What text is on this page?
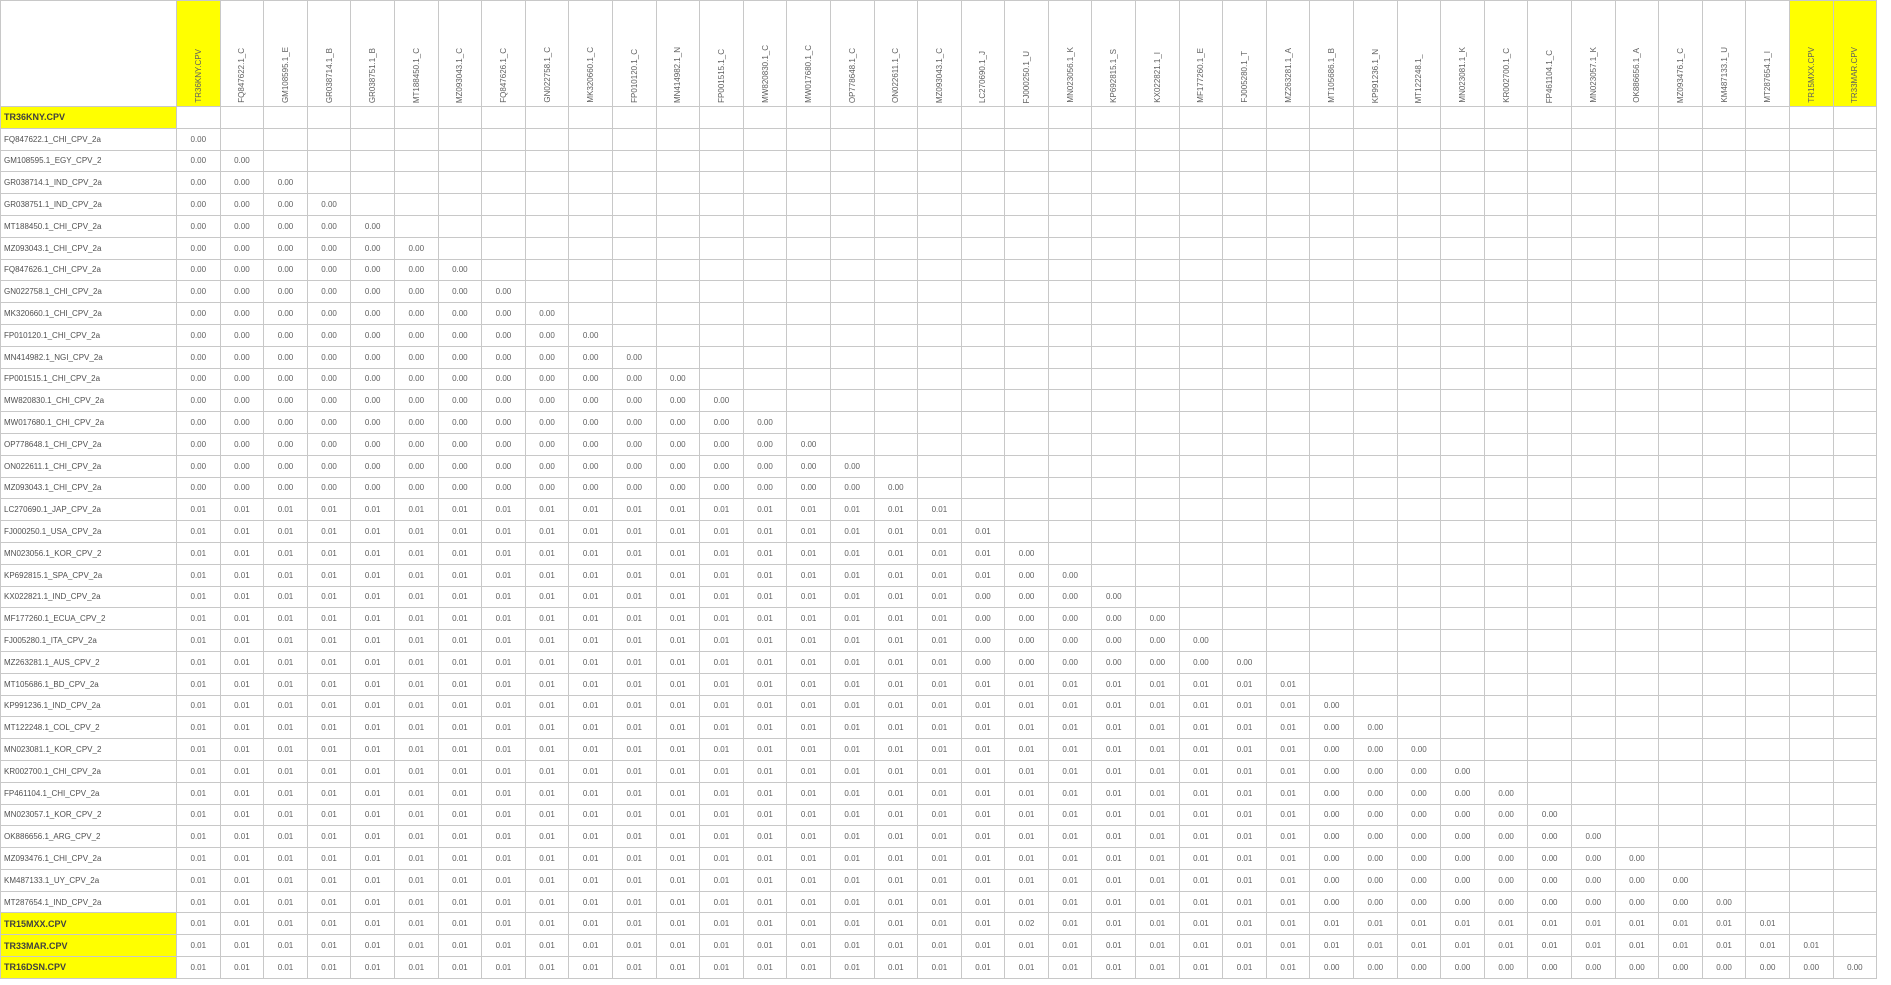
	TR36KNY.CPV	FQ847622.1_C	GM108595.1_E	GR038714.1_B	GR038751.1_B	MT188450.1_C	MZ093043.1_C	FQ847626.1_C	GN022758.1_C	MK320660.1_C	FP010120.1_C	MN414982.1_N	FP001515.1_C	MW820830.1_C	MW017680.1_C	OP778648.1_C	ON022611.1_C	MZ093043.1_C	LC270690.1_J	FJ000250.1_U	MN023056.1_K	KP692815.1_S	KX022821.1_I	MF177260.1_E	FJ005280.1_T	MZ263281.1_A	MT105686.1_B	KP991236.1_N	MT122248.1_	MN023081.1_K	KR002700.1_C	FP461104.1_C	MN023057.1_K	OK886656.1_A	MZ093476.1_C	KM487133.1_U	MT287654.1_I	TR15MXX.CPV	TR33MAR.CPV

TR36KNY.CPV																																							
FQ847622.1_CHI_CPV_2a	0.00																																						
GM108595.1_EGY_CPV_2	0.00	0.00																																					
GR038714.1_IND_CPV_2a	0.00	0.00	0.00																																				
GR038751.1_IND_CPV_2a	0.00	0.00	0.00	0.00																																			
MT188450.1_CHI_CPV_2a	0.00	0.00	0.00	0.00	0.00																																		
MZ093043.1_CHI_CPV_2a	0.00	0.00	0.00	0.00	0.00	0.00																																	
FQ847626.1_CHI_CPV_2a	0.00	0.00	0.00	0.00	0.00	0.00	0.00																																
GN022758.1_CHI_CPV_2a	0.00	0.00	0.00	0.00	0.00	0.00	0.00	0.00																															
MK320660.1_CHI_CPV_2a	0.00	0.00	0.00	0.00	0.00	0.00	0.00	0.00	0.00																														
FP010120.1_CHI_CPV_2a	0.00	0.00	0.00	0.00	0.00	0.00	0.00	0.00	0.00	0.00																													
MN414982.1_NGI_CPV_2a	0.00	0.00	0.00	0.00	0.00	0.00	0.00	0.00	0.00	0.00	0.00																												
FP001515.1_CHI_CPV_2a	0.00	0.00	0.00	0.00	0.00	0.00	0.00	0.00	0.00	0.00	0.00	0.00																											
MW820830.1_CHI_CPV_2a	0.00	0.00	0.00	0.00	0.00	0.00	0.00	0.00	0.00	0.00	0.00	0.00	0.00																										
MW017680.1_CHI_CPV_2a	0.00	0.00	0.00	0.00	0.00	0.00	0.00	0.00	0.00	0.00	0.00	0.00	0.00	0.00																									
OP778648.1_CHI_CPV_2a	0.00	0.00	0.00	0.00	0.00	0.00	0.00	0.00	0.00	0.00	0.00	0.00	0.00	0.00	0.00																								
ON022611.1_CHI_CPV_2a	0.00	0.00	0.00	0.00	0.00	0.00	0.00	0.00	0.00	0.00	0.00	0.00	0.00	0.00	0.00	0.00																							
MZ093043.1_CHI_CPV_2a	0.00	0.00	0.00	0.00	0.00	0.00	0.00	0.00	0.00	0.00	0.00	0.00	0.00	0.00	0.00	0.00	0.00																						
LC270690.1_JAP_CPV_2a	0.01	0.01	0.01	0.01	0.01	0.01	0.01	0.01	0.01	0.01	0.01	0.01	0.01	0.01	0.01	0.01	0.01	0.01																					
FJ000250.1_USA_CPV_2a	0.01	0.01	0.01	0.01	0.01	0.01	0.01	0.01	0.01	0.01	0.01	0.01	0.01	0.01	0.01	0.01	0.01	0.01	0.01																				
MN023056.1_KOR_CPV_2	0.01	0.01	0.01	0.01	0.01	0.01	0.01	0.01	0.01	0.01	0.01	0.01	0.01	0.01	0.01	0.01	0.01	0.01	0.01	0.00																			
KP692815.1_SPA_CPV_2a	0.01	0.01	0.01	0.01	0.01	0.01	0.01	0.01	0.01	0.01	0.01	0.01	0.01	0.01	0.01	0.01	0.01	0.01	0.01	0.00	0.00																		
KX022821.1_IND_CPV_2a	0.01	0.01	0.01	0.01	0.01	0.01	0.01	0.01	0.01	0.01	0.01	0.01	0.01	0.01	0.01	0.01	0.01	0.01	0.00	0.00	0.00	0.00																	
MF177260.1_ECUA_CPV_2	0.01	0.01	0.01	0.01	0.01	0.01	0.01	0.01	0.01	0.01	0.01	0.01	0.01	0.01	0.01	0.01	0.01	0.01	0.00	0.00	0.00	0.00	0.00																
FJ005280.1_ITA_CPV_2a	0.01	0.01	0.01	0.01	0.01	0.01	0.01	0.01	0.01	0.01	0.01	0.01	0.01	0.01	0.01	0.01	0.01	0.01	0.00	0.00	0.00	0.00	0.00	0.00															
MZ263281.1_AUS_CPV_2	0.01	0.01	0.01	0.01	0.01	0.01	0.01	0.01	0.01	0.01	0.01	0.01	0.01	0.01	0.01	0.01	0.01	0.01	0.00	0.00	0.00	0.00	0.00	0.00	0.00														
MT105686.1_BD_CPV_2a	0.01	0.01	0.01	0.01	0.01	0.01	0.01	0.01	0.01	0.01	0.01	0.01	0.01	0.01	0.01	0.01	0.01	0.01	0.01	0.01	0.01	0.01	0.01	0.01	0.01	0.01													
KP991236.1_IND_CPV_2a	0.01	0.01	0.01	0.01	0.01	0.01	0.01	0.01	0.01	0.01	0.01	0.01	0.01	0.01	0.01	0.01	0.01	0.01	0.01	0.01	0.01	0.01	0.01	0.01	0.01	0.01	0.00												
MT122248.1_COL_CPV_2	0.01	0.01	0.01	0.01	0.01	0.01	0.01	0.01	0.01	0.01	0.01	0.01	0.01	0.01	0.01	0.01	0.01	0.01	0.01	0.01	0.01	0.01	0.01	0.01	0.01	0.01	0.00	0.00											
MN023081.1_KOR_CPV_2	0.01	0.01	0.01	0.01	0.01	0.01	0.01	0.01	0.01	0.01	0.01	0.01	0.01	0.01	0.01	0.01	0.01	0.01	0.01	0.01	0.01	0.01	0.01	0.01	0.01	0.01	0.00	0.00	0.00										
KR002700.1_CHI_CPV_2a	0.01	0.01	0.01	0.01	0.01	0.01	0.01	0.01	0.01	0.01	0.01	0.01	0.01	0.01	0.01	0.01	0.01	0.01	0.01	0.01	0.01	0.01	0.01	0.01	0.01	0.01	0.00	0.00	0.00	0.00									
FP461104.1_CHI_CPV_2a	0.01	0.01	0.01	0.01	0.01	0.01	0.01	0.01	0.01	0.01	0.01	0.01	0.01	0.01	0.01	0.01	0.01	0.01	0.01	0.01	0.01	0.01	0.01	0.01	0.01	0.01	0.00	0.00	0.00	0.00	0.00								
MN023057.1_KOR_CPV_2	0.01	0.01	0.01	0.01	0.01	0.01	0.01	0.01	0.01	0.01	0.01	0.01	0.01	0.01	0.01	0.01	0.01	0.01	0.01	0.01	0.01	0.01	0.01	0.01	0.01	0.01	0.00	0.00	0.00	0.00	0.00	0.00							
OK886656.1_ARG_CPV_2	0.01	0.01	0.01	0.01	0.01	0.01	0.01	0.01	0.01	0.01	0.01	0.01	0.01	0.01	0.01	0.01	0.01	0.01	0.01	0.01	0.01	0.01	0.01	0.01	0.01	0.01	0.00	0.00	0.00	0.00	0.00	0.00	0.00						
MZ093476.1_CHI_CPV_2a	0.01	0.01	0.01	0.01	0.01	0.01	0.01	0.01	0.01	0.01	0.01	0.01	0.01	0.01	0.01	0.01	0.01	0.01	0.01	0.01	0.01	0.01	0.01	0.01	0.01	0.01	0.00	0.00	0.00	0.00	0.00	0.00	0.00	0.00					
KM487133.1_UY_CPV_2a	0.01	0.01	0.01	0.01	0.01	0.01	0.01	0.01	0.01	0.01	0.01	0.01	0.01	0.01	0.01	0.01	0.01	0.01	0.01	0.01	0.01	0.01	0.01	0.01	0.01	0.01	0.00	0.00	0.00	0.00	0.00	0.00	0.00	0.00	0.00				
MT287654.1_IND_CPV_2a	0.01	0.01	0.01	0.01	0.01	0.01	0.01	0.01	0.01	0.01	0.01	0.01	0.01	0.01	0.01	0.01	0.01	0.01	0.01	0.01	0.01	0.01	0.01	0.01	0.01	0.01	0.00	0.00	0.00	0.00	0.00	0.00	0.00	0.00	0.00	0.00			
TR15MXX.CPV	0.01	0.01	0.01	0.01	0.01	0.01	0.01	0.01	0.01	0.01	0.01	0.01	0.01	0.01	0.01	0.01	0.01	0.01	0.01	0.02	0.01	0.01	0.01	0.01	0.01	0.01	0.01	0.01	0.01	0.01	0.01	0.01	0.01	0.01	0.01	0.01	0.01		
TR33MAR.CPV	0.01	0.01	0.01	0.01	0.01	0.01	0.01	0.01	0.01	0.01	0.01	0.01	0.01	0.01	0.01	0.01	0.01	0.01	0.01	0.01	0.01	0.01	0.01	0.01	0.01	0.01	0.01	0.01	0.01	0.01	0.01	0.01	0.01	0.01	0.01	0.01	0.01	0.01	
TR16DSN.CPV	0.01	0.01	0.01	0.01	0.01	0.01	0.01	0.01	0.01	0.01	0.01	0.01	0.01	0.01	0.01	0.01	0.01	0.01	0.01	0.01	0.01	0.01	0.01	0.01	0.01	0.01	0.00	0.00	0.00	0.00	0.00	0.00	0.00	0.00	0.00	0.00	0.00	0.00	0.00
